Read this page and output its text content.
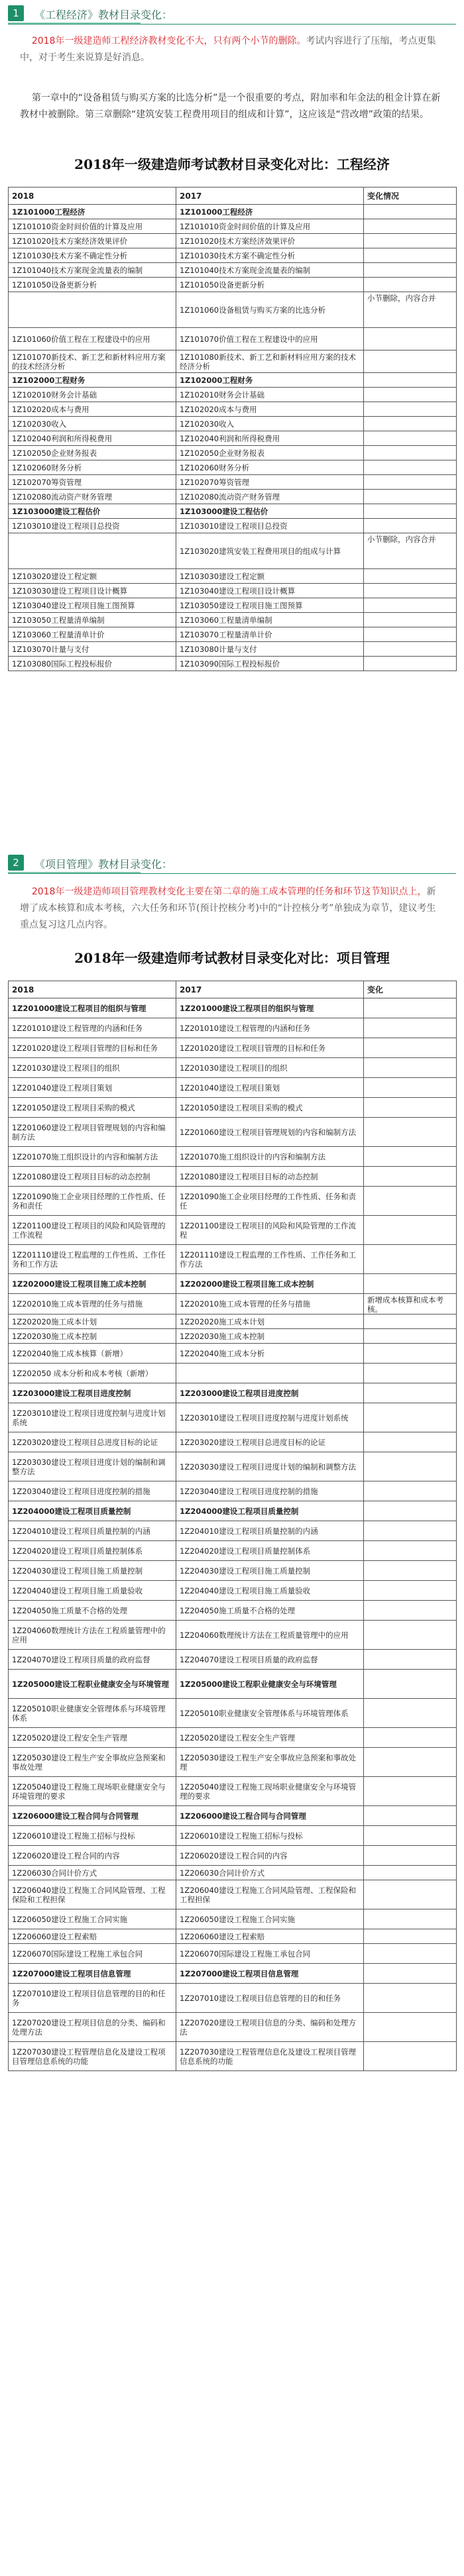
1	《工程经济》教材目录变化：
2018年一级建造师工程经济教材变化不大，只有两个小节的删除。考试内容进行了压缩，考点更集中，对于考生来说算是好消息。
第一章中的“设备租赁与购买方案的比选分析”是一个很重要的考点，附加率和年金法的租金计算在新教材中被删除。第三章删除“建筑安装工程费用项目的组成和计算”，这应该是“营改增”政策的结果。
2018年一级建造师考试教材目录变化对比：工程经济
2018	2017	变化情况
1Z101000工程经济	1Z101000工程经济	
1Z101010资金时间价值的计算及应用	1Z101010资金时间价值的计算及应用	
1Z101020技术方案经济效果评价	1Z101020技术方案经济效果评价	
1Z101030技术方案不确定性分析	1Z101030技术方案不确定性分析	
1Z101040技术方案现金流量表的编制	1Z101040技术方案现金流量表的编制	
1Z101050设备更新分析	1Z101050设备更新分析	
	1Z101060设备租赁与购买方案的比选分析	小节删除，内容合并
1Z101060价值工程在工程建设中的应用	1Z101070价值工程在工程建设中的应用	
1Z101070新技术、新工艺和新材料应用方案的技术经济分析	1Z101080新技术、新工艺和新材料应用方案的技术经济分析	
1Z102000工程财务	1Z102000工程财务	
1Z102010财务会计基础	1Z102010财务会计基础	
1Z102020成本与费用	1Z102020成本与费用	
1Z102030收入	1Z102030收入	
1Z102040利润和所得税费用	1Z102040利润和所得税费用	
1Z102050企业财务报表	1Z102050企业财务报表	
1Z102060财务分析	1Z102060财务分析	
1Z102070筹资管理	1Z102070筹资管理	
1Z102080流动资产财务管理	1Z102080流动资产财务管理	
1Z103000建设工程估价	1Z103000建设工程估价	
1Z103010建设工程项目总投资	1Z103010建设工程项目总投资	
	1Z103020建筑安装工程费用项目的组成与计算	小节删除，内容合并
1Z103020建设工程定额	1Z103030建设工程定额	
1Z103030建设工程项目设计概算	1Z103040建设工程项目设计概算	
1Z103040建设工程项目施工图预算	1Z103050建设工程项目施工图预算	
1Z103050工程量清单编制	1Z103060工程量清单编制	
1Z103060工程量清单计价	1Z103070工程量清单计价	
1Z103070计量与支付	1Z103080计量与支付	
1Z103080国际工程投标报价	1Z103090国际工程投标报价	
2	《项目管理》教材目录变化：
2018年一级建造师项目管理教材变化主要在第二章的施工成本管理的任务和环节这节知识点上，新增了成本核算和成本考核，六大任务和环节(预计控核分考)中的“计控核分考”单独成为章节，建议考生重点复习这几点内容。
2018年一级建造师考试教材目录变化对比：项目管理
2018	2017	变化
1Z201000建设工程项目的组织与管理	1Z201000建设工程项目的组织与管理	
1Z201010建设工程管理的内涵和任务	1Z201010建设工程管理的内涵和任务	
1Z201020建设工程项目管理的目标和任务	1Z201020建设工程项目管理的目标和任务	
1Z201030建设工程项目的组织	1Z201030建设工程项目的组织	
1Z201040建设工程项目策划	1Z201040建设工程项目策划	
1Z201050建设工程项目采购的模式	1Z201050建设工程项目采购的模式	
1Z201060建设工程项目管理规划的内容和编制方法	1Z201060建设工程项目管理规划的内容和编制方法	
1Z201070施工组织设计的内容和编制方法	1Z201070施工组织设计的内容和编制方法	
1Z201080建设工程项目目标的动态控制	1Z201080建设工程项目目标的动态控制	
1Z201090施工企业项目经理的工作性质、任务和责任	1Z201090施工企业项目经理的工作性质、任务和责任	
1Z201100建设工程项目的风险和风险管理的工作流程	1Z201100建设工程项目的风险和风险管理的工作流程	
1Z201110建设工程监理的工作性质、工作任务和工作方法	1Z201110建设工程监理的工作性质、工作任务和工作方法	
1Z202000建设工程项目施工成本控制	1Z202000建设工程项目施工成本控制	
1Z202010施工成本管理的任务与措施	1Z202010施工成本管理的任务与措施	新增成本核算和成本考核。
1Z202020施工成本计划	1Z202020施工成本计划	
1Z202030施工成本控制	1Z202030施工成本控制	
1Z202040施工成本核算（新增）	1Z202040施工成本分析	
1Z202050 成本分析和成本考核（新增）		
1Z203000建设工程项目进度控制	1Z203000建设工程项目进度控制	
1Z203010建设工程项目进度控制与进度计划系统	1Z203010建设工程项目进度控制与进度计划系统	
1Z203020建设工程项目总进度目标的论证	1Z203020建设工程项目总进度目标的论证	
1Z203030建设工程项目进度计划的编制和调整方法	1Z203030建设工程项目进度计划的编制和调整方法	
1Z203040建设工程项目进度控制的措施	1Z203040建设工程项目进度控制的措施	
1Z204000建设工程项目质量控制	1Z204000建设工程项目质量控制	
1Z204010建设工程项目质量控制的内涵	1Z204010建设工程项目质量控制的内涵	
1Z204020建设工程项目质量控制体系	1Z204020建设工程项目质量控制体系	
1Z204030建设工程项目施工质量控制	1Z204030建设工程项目施工质量控制	
1Z204040建设工程项目施工质量验收	1Z204040建设工程项目施工质量验收	
1Z204050施工质量不合格的处理	1Z204050施工质量不合格的处理	
1Z204060数理统计方法在工程质量管理中的应用	1Z204060数理统计方法在工程质量管理中的应用	
1Z204070建设工程项目质量的政府监督	1Z204070建设工程项目质量的政府监督	
1Z205000建设工程职业健康安全与环境管理	1Z205000建设工程职业健康安全与环境管理	
1Z205010职业健康安全管理体系与环境管理体系	1Z205010职业健康安全管理体系与环境管理体系	
1Z205020建设工程安全生产管理	1Z205020建设工程安全生产管理	
1Z205030建设工程生产安全事故应急预案和事故处理	1Z205030建设工程生产安全事故应急预案和事故处理	
1Z205040建设工程施工现场职业健康安全与环境管理的要求	1Z205040建设工程施工现场职业健康安全与环境管理的要求	
1Z206000建设工程合同与合同管理	1Z206000建设工程合同与合同管理	
1Z206010建设工程施工招标与投标	1Z206010建设工程施工招标与投标	
1Z206020建设工程合同的内容	1Z206020建设工程合同的内容	
1Z206030合同计价方式	1Z206030合同计价方式	
1Z206040建设工程施工合同风险管理、工程保险和工程担保	1Z206040建设工程施工合同风险管理、工程保险和工程担保	
1Z206050建设工程施工合同实施	1Z206050建设工程施工合同实施	
1Z206060建设工程索赔	1Z206060建设工程索赔	
1Z206070国际建设工程施工承包合同	1Z206070国际建设工程施工承包合同	
1Z207000建设工程项目信息管理	1Z207000建设工程项目信息管理	
1Z207010建设工程项目信息管理的目的和任务	1Z207010建设工程项目信息管理的目的和任务	
1Z207020建设工程项目信息的分类、编码和处理方法	1Z207020建设工程项目信息的分类、编码和处理方法	
1Z207030建设工程管理信息化及建设工程项目管理信息系统的功能	1Z207030建设工程管理信息化及建设工程项目管理信息系统的功能	
